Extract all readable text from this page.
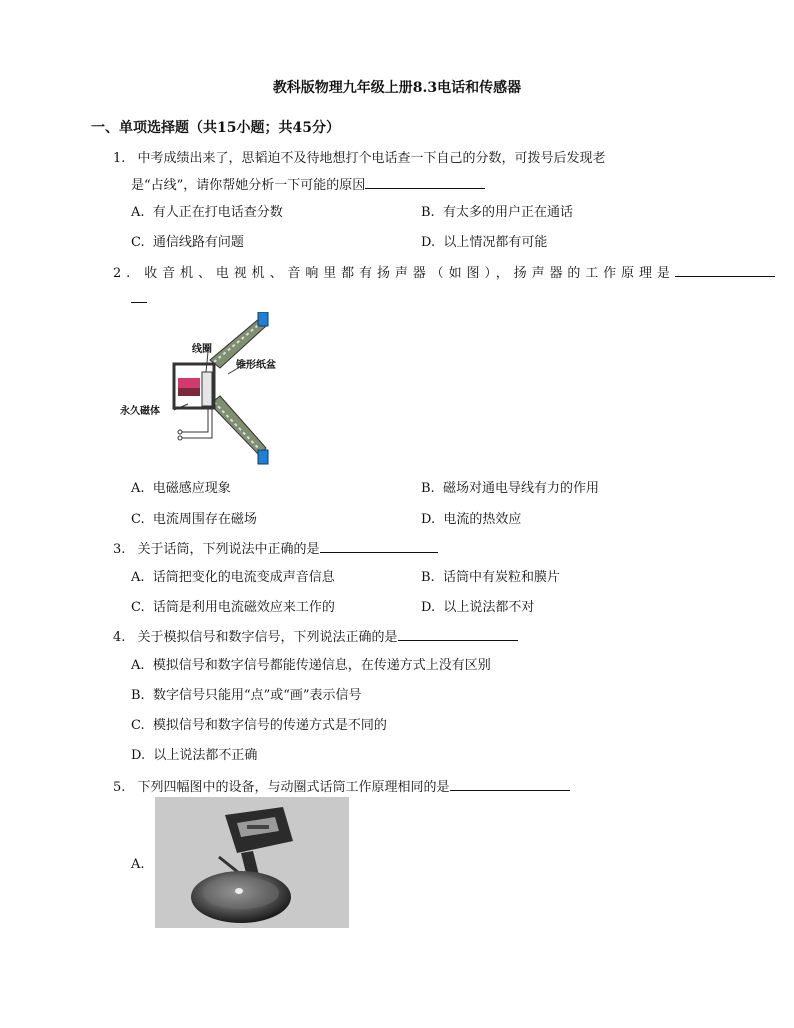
教科版物理九年级上册8.3电话和传感器
一、单项选择题（共15小题；共45分）
1. 中考成绩出来了，思韬迫不及待地想打个电话查一下自己的分数，可拨号后发现老
是“占线”，请你帮她分析一下可能的原因
A. 有人正在打电话查分数	B. 有太多的用户正在通话
C. 通信线路有问题	D. 以上情况都有可能
2. 收音机、电视机、音响里都有扬声器（如图），扬声器的工作原理是
线圈
锥形纸盆
永久磁体
A. 电磁感应现象	B. 磁场对通电导线有力的作用
C. 电流周围存在磁场	D. 电流的热效应
3. 关于话筒，下列说法中正确的是
A. 话筒把变化的电流变成声音信息	B. 话筒中有炭粒和膜片
C. 话筒是利用电流磁效应来工作的	D. 以上说法都不对
4. 关于模拟信号和数字信号，下列说法正确的是
A. 模拟信号和数字信号都能传递信息，在传递方式上没有区别
B. 数字信号只能用“点”或“画”表示信号
C. 模拟信号和数字信号的传递方式是不同的
D. 以上说法都不正确
5. 下列四幅图中的设备，与动圈式话筒工作原理相同的是
A.
